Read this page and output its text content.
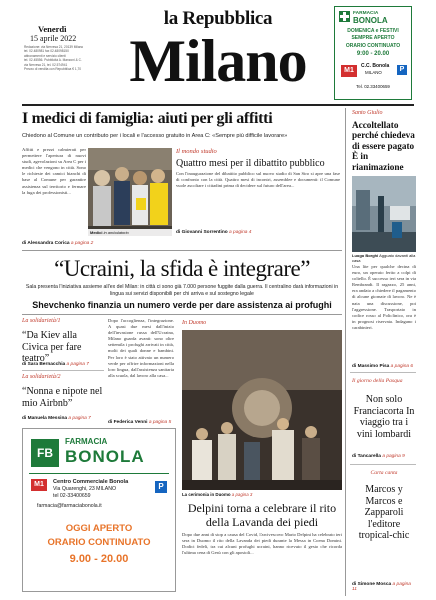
la Repubblica
Milano
Venerdì
15 aprile 2022
Redazione: via Nervesa 21, 20139 Milano
tel. 02.480981 fax 02.48098150
abbonamenti e servizio clienti
tel. 02.45556. Pubblicità A. Manzoni & C.
via Nervesa 21, tel. 02.574941
Prezzo di vendita con Repubblica € 1,70
FARMACIA
BONOLA
DOMENICA e FESTIVI
SEMPRE APERTO
ORARIO CONTINUATO
9:00 - 20.00
M1
C.C. Bonola
MILANO	P
Tel. 02.33400659
I medici di famiglia: aiuti per gli affitti
Chiedono al Comune un contributo per i locali e l'accesso gratuito in Area C: «Sempre più difficile lavorare»
Affitti e prezzi calmierati per permettere l'apertura di nuovi studi, agevolazioni su Area C per i medici che vengono in città. Sono le richieste dei camici bianchi di base al Comune per garantire assistenza sul territorio e fermare la fuga dei professionisti...
di Alessandra Corica a pagina 2
Medici in ambulatorio
Il mondo studio
Quattro mesi per il dibattito pubblico
Con l'inaugurazione del dibattito pubblico sul nuovo stadio di San Siro si apre una fase di confronto con la città. Quattro mesi di incontri, assemblee e documenti: il Comune vuole ascoltare i cittadini prima di decidere sul futuro dell'area...
di Giovanni Sorrentino a pagina 4
Santo Giulio
Accoltellato perché chiedeva di essere pagato È in rianimazione
Luogo Borghi Agguato davanti alla casa
Una lite per qualche decina di euro, un operaio ferito a colpi di coltello. È successo ieri sera in via Rembrandt. Il ragazzo, 25 anni, era andato a chiedere il pagamento di alcune giornate di lavoro. Ne è nata una discussione, poi l'aggressione. Trasportato in codice rosso al Policlinico, ora è in prognosi riservata. Indagano i carabinieri.
di Massimo Pisa a pagina 6
“Ucraini, la sfida è integrare”
Sala presenta l'iniziativa assieme all'ex del Milan: in città ci sono già 7.000 persone fuggite dalla guerra. Il centralino darà informazioni in lingua sui servizi disponibili per chi arriva e sul sostegno legale
Shevchenko finanzia un numero verde per dare assistenza ai profughi
La solidarietà/1
“Da Kiev alla Civica per fare teatro”
di Sara Bernacchia a pagina 7
La solidarietà/2
“Nonna e nipote nel mio Airbnb”
di Manuela Messina a pagina 7
Dopo l'accoglienza, l'integrazione. A quasi due mesi dall'inizio dell'invasione russa dell'Ucraina, Milano guarda avanti: sono oltre settemila i profughi arrivati in città, molti dei quali donne e bambini. Per loro è stato attivato un numero verde per offrire informazioni nella loro lingua, dall'assistenza sanitaria alla scuola, dal lavoro alla casa...
di Federica Venni a pagina 5
In Duomo
La cerimonia in Duomo a pagina 3
Delpini torna a celebrare il rito della Lavanda dei piedi
Dopo due anni di stop a causa del Covid, l'arcivescovo Mario Delpini ha celebrato ieri sera in Duomo il rito della Lavanda dei piedi durante la Messa in Coena Domini. Dodici fedeli, tra cui alcuni profughi ucraini, hanno ricevuto il gesto che ricorda l'ultima cena di Gesù con gli apostoli...
FB
FARMACIA
BONOLA
M1	Centro Commerciale Bonola
Via Quarenghi, 23 MILANO
tel 02-33400659
P
farmacia@farmaciabonola.it
OGGI APERTO
ORARIO CONTINUATO
9.00 - 20.00
Il giorno della Pasqua
Non solo Franciacorta In viaggio tra i vini lombardi
di Tancarella a pagina 9
Carta canta
Marcos y Marcos e Zapparoli l'editore tropical-chic
di Simone Mosca a pagina 11
